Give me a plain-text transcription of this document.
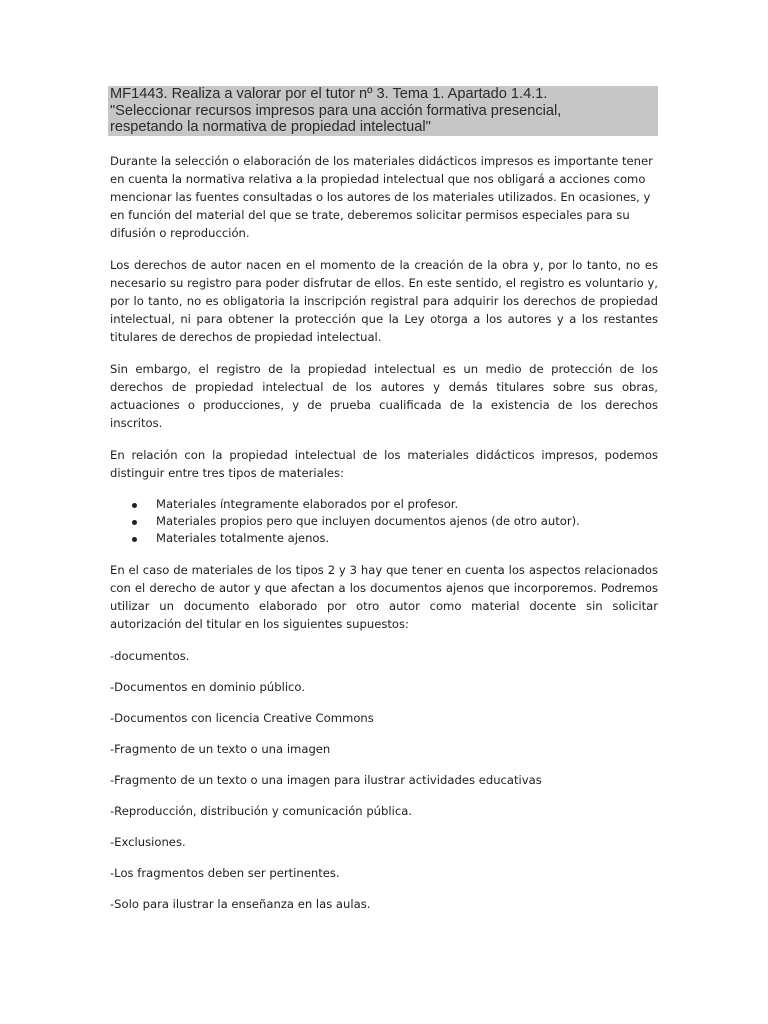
MF1443. Realiza a valorar por el tutor nº 3. Tema 1. Apartado 1.4.1.
"Seleccionar recursos impresos para una acción formativa presencial,
respetando la normativa de propiedad intelectual"

Durante la selección o elaboración de los materiales didácticos impresos es importante tener en cuenta la normativa relativa a la propiedad intelectual que nos obligará a acciones como mencionar las fuentes consultadas o los autores de los materiales utilizados. En ocasiones, y en función del material del que se trate, deberemos solicitar permisos especiales para su difusión o reproducción.

Los derechos de autor nacen en el momento de la creación de la obra y, por lo tanto, no es necesario su registro para poder disfrutar de ellos. En este sentido, el registro es voluntario y, por lo tanto, no es obligatoria la inscripción registral para adquirir los derechos de propiedad intelectual, ni para obtener la protección que la Ley otorga a los autores y a los restantes titulares de derechos de propiedad intelectual.

Sin embargo, el registro de la propiedad intelectual es un medio de protección de los derechos de propiedad intelectual de los autores y demás titulares sobre sus obras, actuaciones o producciones, y de prueba cualificada de la existencia de los derechos inscritos.

En relación con la propiedad intelectual de los materiales didácticos impresos, podemos distinguir entre tres tipos de materiales:

Materiales íntegramente elaborados por el profesor.
Materiales propios pero que incluyen documentos ajenos (de otro autor).
Materiales totalmente ajenos.

En el caso de materiales de los tipos 2 y 3 hay que tener en cuenta los aspectos relacionados con el derecho de autor y que afectan a los documentos ajenos que incorporemos. Podremos utilizar un documento elaborado por otro autor como material docente sin solicitar autorización del titular en los siguientes supuestos:

-documentos.

-Documentos en dominio público.

-Documentos con licencia Creative Commons

-Fragmento de un texto o una imagen

-Fragmento de un texto o una imagen para ilustrar actividades educativas

-Reproducción, distribución y comunicación pública.

-Exclusiones.

-Los fragmentos deben ser pertinentes.

-Solo para ilustrar la enseñanza en las aulas.
